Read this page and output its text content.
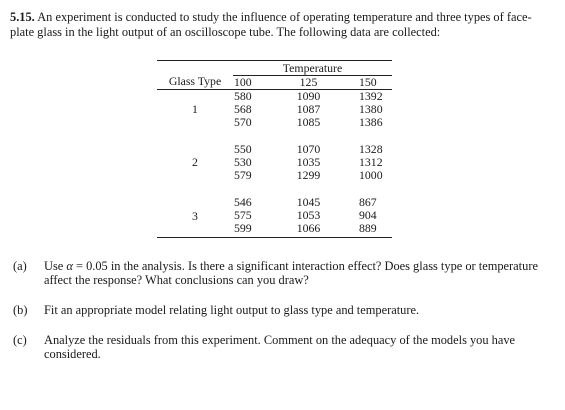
5.15. An experiment is conducted to study the influence of operating temperature and three types of face-plate glass in the light output of an oscilloscope tube. The following data are collected:

Glass Type	Temperature		
	100	125	150
1	580	1090	1392
	568	1087	1380
	570	1085	1386

2	550	1070	1328
	530	1035	1312
	579	1299	1000

3	546	1045	867
	575	1053	904
	599	1066	889
(a) Use α = 0.05 in the analysis. Is there a significant interaction effect? Does glass type or temperature affect the response? What conclusions can you draw?
(b) Fit an appropriate model relating light output to glass type and temperature.
(c) Analyze the residuals from this experiment. Comment on the adequacy of the models you have considered.
